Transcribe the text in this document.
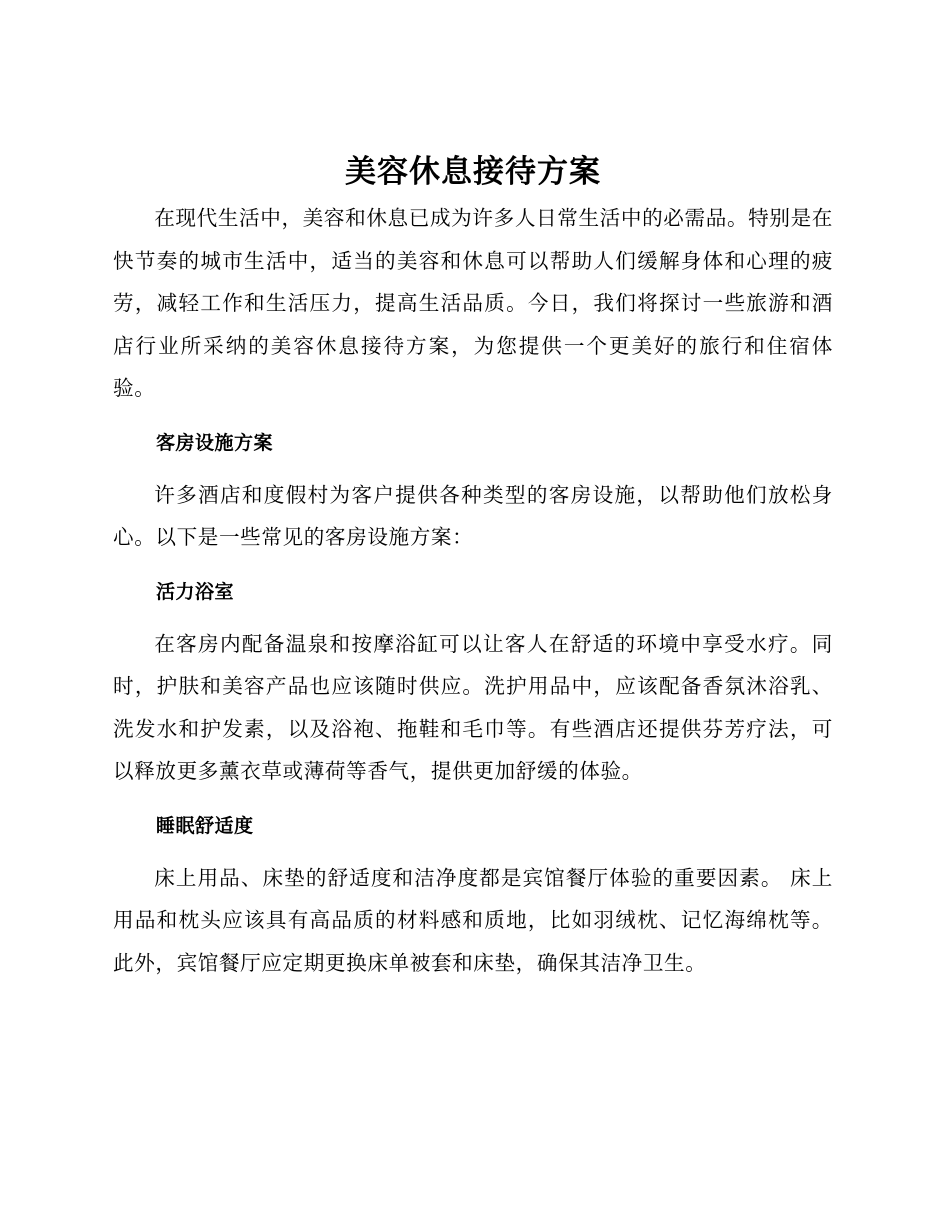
美容休息接待方案

在现代生活中，美容和休息已成为许多人日常生活中的必需品。特别是在快节奏的城市生活中，适当的美容和休息可以帮助人们缓解身体和心理的疲劳，减轻工作和生活压力，提高生活品质。今日，我们将探讨一些旅游和酒店行业所采纳的美容休息接待方案，为您提供一个更美好的旅行和住宿体验。

客房设施方案

许多酒店和度假村为客户提供各种类型的客房设施，以帮助他们放松身心。以下是一些常见的客房设施方案：

活力浴室

在客房内配备温泉和按摩浴缸可以让客人在舒适的环境中享受水疗。同时，护肤和美容产品也应该随时供应。洗护用品中，应该配备香氛沐浴乳、洗发水和护发素，以及浴袍、拖鞋和毛巾等。有些酒店还提供芬芳疗法，可以释放更多薰衣草或薄荷等香气，提供更加舒缓的体验。

睡眠舒适度

床上用品、床垫的舒适度和洁净度都是宾馆餐厅体验的重要因素。 床上用品和枕头应该具有高品质的材料感和质地，比如羽绒枕、记忆海绵枕等。此外，宾馆餐厅应定期更换床单被套和床垫，确保其洁净卫生。
